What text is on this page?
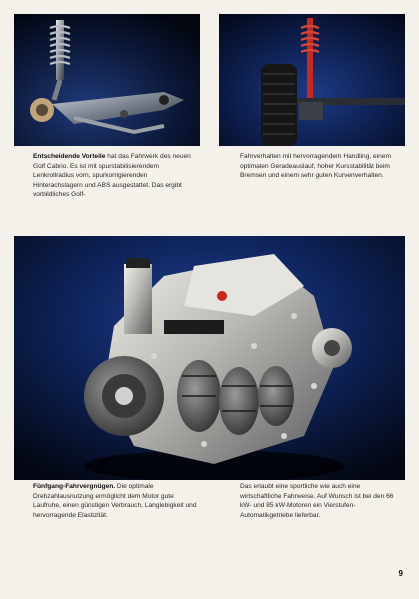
Entscheidende Vorteile hat das Fahrwerk des neuen Golf Cabrio. Es ist mit spurstabilisierendem Lenkrollradius vorn, spurkorrigierenden Hinterachslagern und ABS ausgestattet. Das ergibt vorbildliches Golf-
Fahrverhalten mit hervorragendem Handling, einem optimalen Geradeauslauf, hoher Kursstabilität beim Bremsen und einem sehr guten Kurvenverhalten.
Fünfgang-Fahrvergnügen. Die optimale Drehzahlausnutzung ermöglicht dem Motor gute Laufruhe, einen günstigen Verbrauch, Langlebigkeit und hervorragende Elastizität.
Das erlaubt eine sportliche wie auch eine wirtschaftliche Fahrweise. Auf Wunsch ist bei den 66 kW- und 85 kW-Motoren ein Vierstufen-Automatikgetriebe lieferbar.
9
